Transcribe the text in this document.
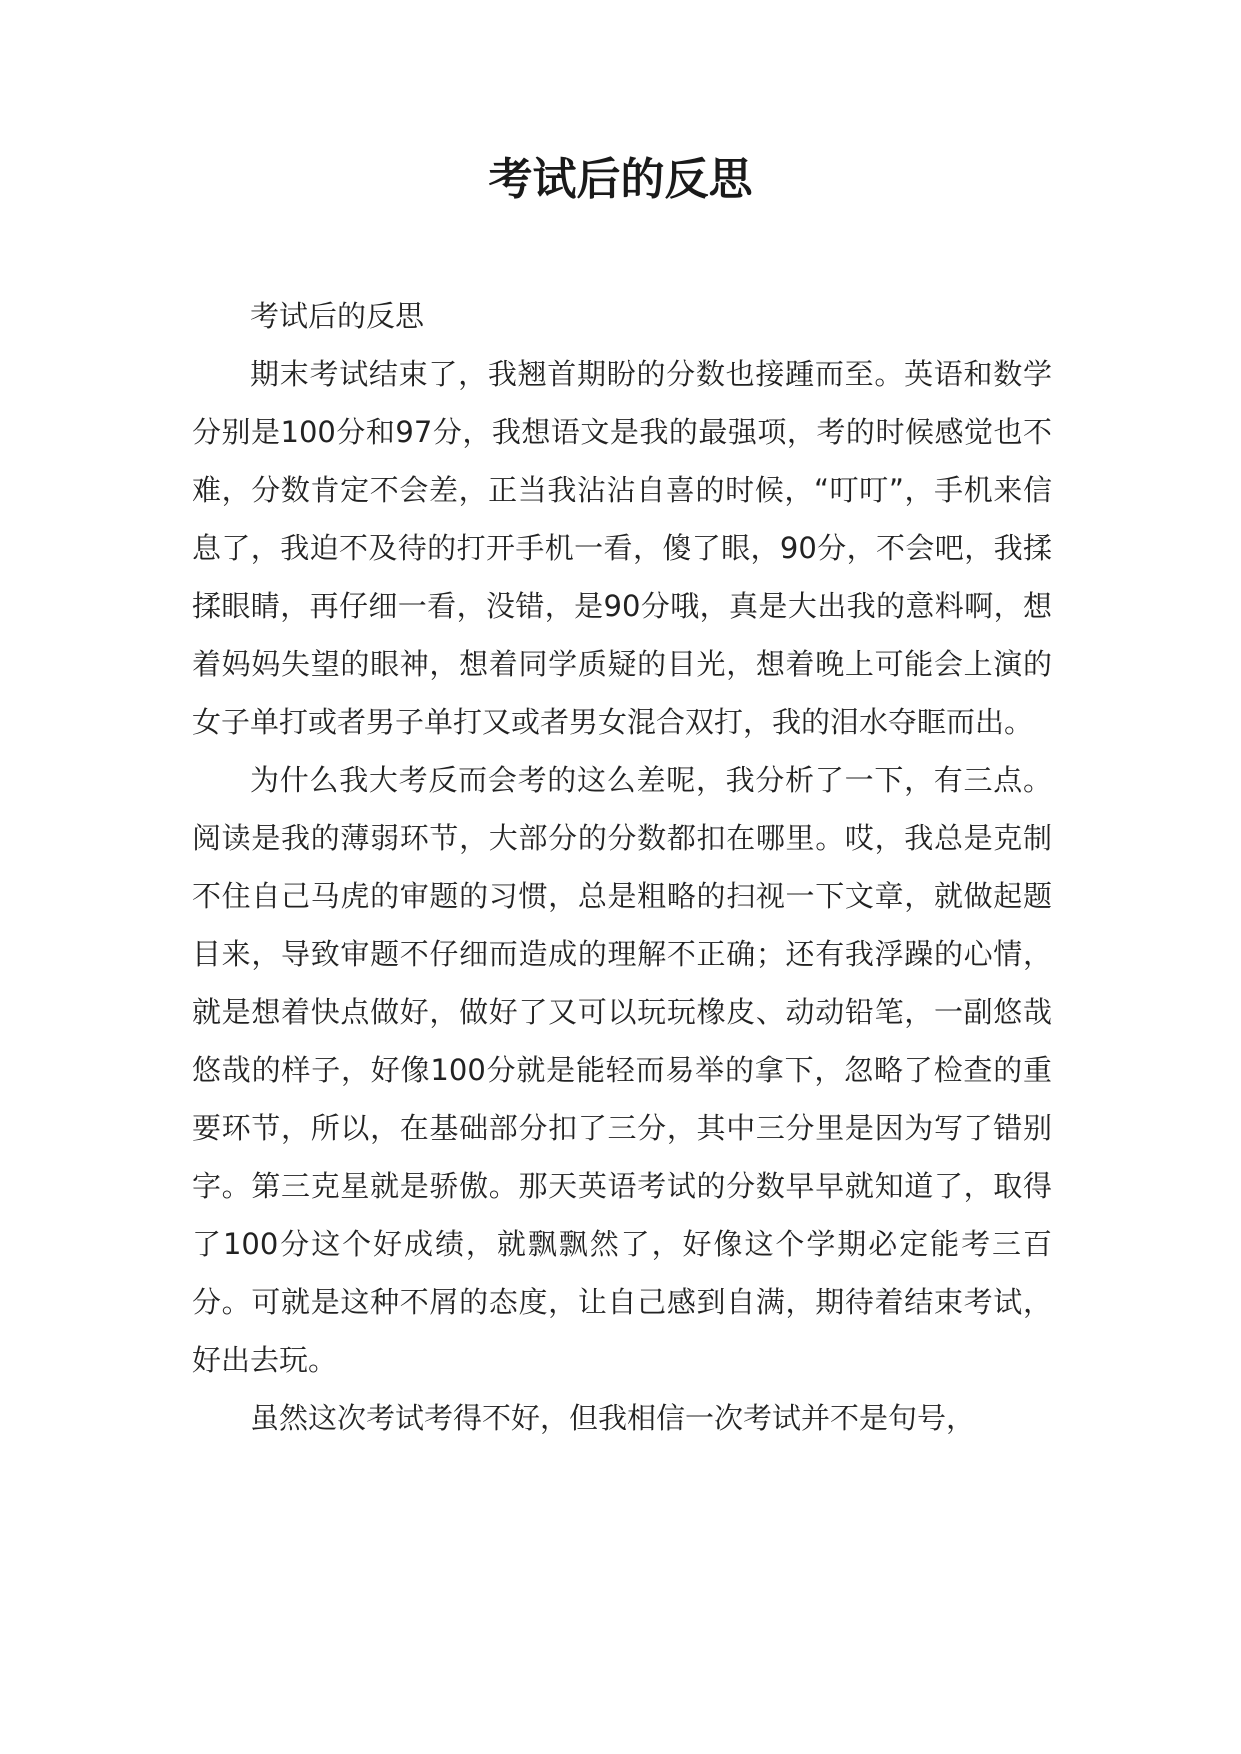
考试后的反思

考试后的反思

期末考试结束了，我翘首期盼的分数也接踵而至。英语和数学分别是100分和97分，我想语文是我的最强项，考的时候感觉也不难，分数肯定不会差，正当我沾沾自喜的时候，“叮叮”，手机来信息了，我迫不及待的打开手机一看，傻了眼，90分，不会吧，我揉揉眼睛，再仔细一看，没错，是90分哦，真是大出我的意料啊，想着妈妈失望的眼神，想着同学质疑的目光，想着晚上可能会上演的女子单打或者男子单打又或者男女混合双打，我的泪水夺眶而出。

为什么我大考反而会考的这么差呢，我分析了一下，有三点。阅读是我的薄弱环节，大部分的分数都扣在哪里。哎，我总是克制不住自己马虎的审题的习惯，总是粗略的扫视一下文章，就做起题目来，导致审题不仔细而造成的理解不正确；还有我浮躁的心情，就是想着快点做好，做好了又可以玩玩橡皮、动动铅笔，一副悠哉悠哉的样子，好像100分就是能轻而易举的拿下，忽略了检查的重要环节，所以，在基础部分扣了三分，其中三分里是因为写了错别字。第三克星就是骄傲。那天英语考试的分数早早就知道了，取得了100分这个好成绩，就飘飘然了，好像这个学期必定能考三百分。可就是这种不屑的态度，让自己感到自满，期待着结束考试，好出去玩。

虽然这次考试考得不好，但我相信一次考试并不是句号，
